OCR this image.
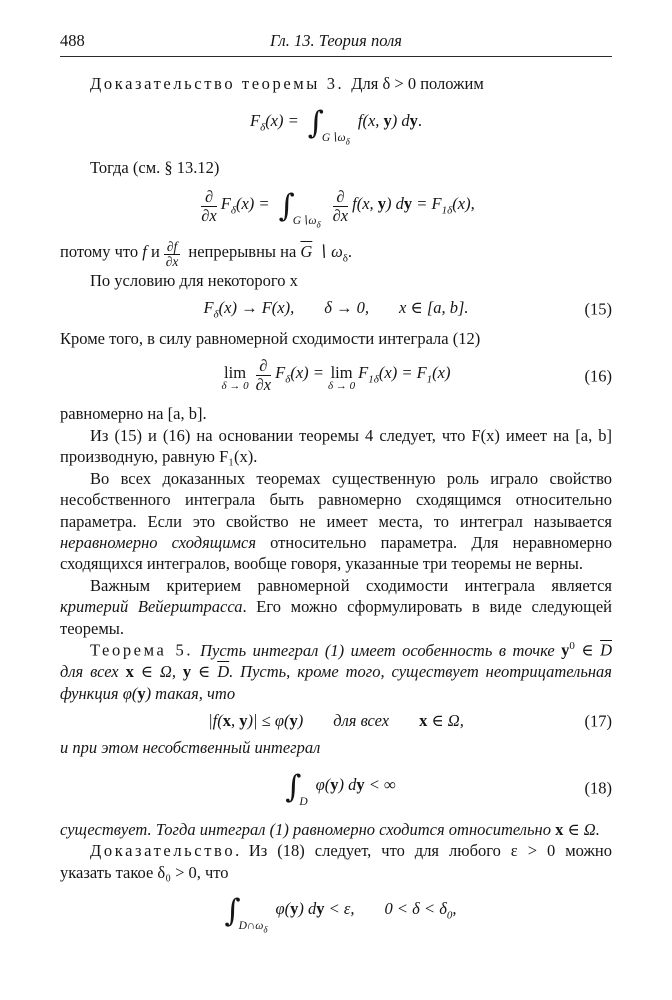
488	Гл. 13. Теория поля

Доказательство теоремы 3. Для δ > 0 положим

$F_\delta(x) = \int_{G∖\omega_\delta}f(x$, y) dy.

Тогда (см. § 13.12)

$\frac{\partial}{\partial x} F_\delta(x) = \int_{G∖\omega_\delta} \frac{\partial}{\partial x} f(x$, y) dy = $F_{1\delta}(x)$,

потому что f и $\frac{\partial f}{\partial x}$ непрерывны на $\overline{G}$ ∖ $\omega_\delta$.

По условию для некоторого x

$F_\delta(x) \to F(x)$, δ → 0, x ∈ [a, b].	(15)

Кроме того, в силу равномерной сходимости интеграла (12)

lim
$\delta \to 0 \frac{\partial}{\partial x} F_\delta(x) = \lim$
δ → 0
$F_{1\delta}(x) = F_1(x)$	(16)

равномерно на [a, b].

Из (15) и (16) на основании теоремы 4 следует, что F(x) имеет на [a, b] производную, равную F₁(x).

Во всех доказанных теоремах существенную роль играло свойство несобственного интеграла быть равномерно сходящимся относительно параметра. Если это свойство не имеет места, то интеграл называется неравномерно сходящимся относительно параметра. Для неравномерно сходящихся интегралов, вообще говоря, указанные три теоремы не верны.

Важным критерием равномерной сходимости интеграла является критерий Вейерштрасса. Его можно сформулировать в виде следующей теоремы.

Теорема 5. Пусть интеграл (1) имеет особенность в точке $y^0$ ∈ $\overline{D}$ для всех x ∈ Ω, y ∈ $\overline{D}$. Пусть, кроме того, существует неотрицательная функция φ(y) такая, что

|f(x, y)| ≤ φ(y) для всех x ∈ Ω,	(17)

и при этом несобственный интеграл

$\int_D\varphi(y)$ dy < ∞	(18)

существует. Тогда интеграл (1) равномерно сходится относительно x ∈ Ω.

Доказательство. Из (18) следует, что для любого ε > 0 можно указать такое δ₀ > 0, что

$\int_{D\cap\omega_\delta}\varphi(y)$ dy < ε, $0 < \delta < \delta_0$,
